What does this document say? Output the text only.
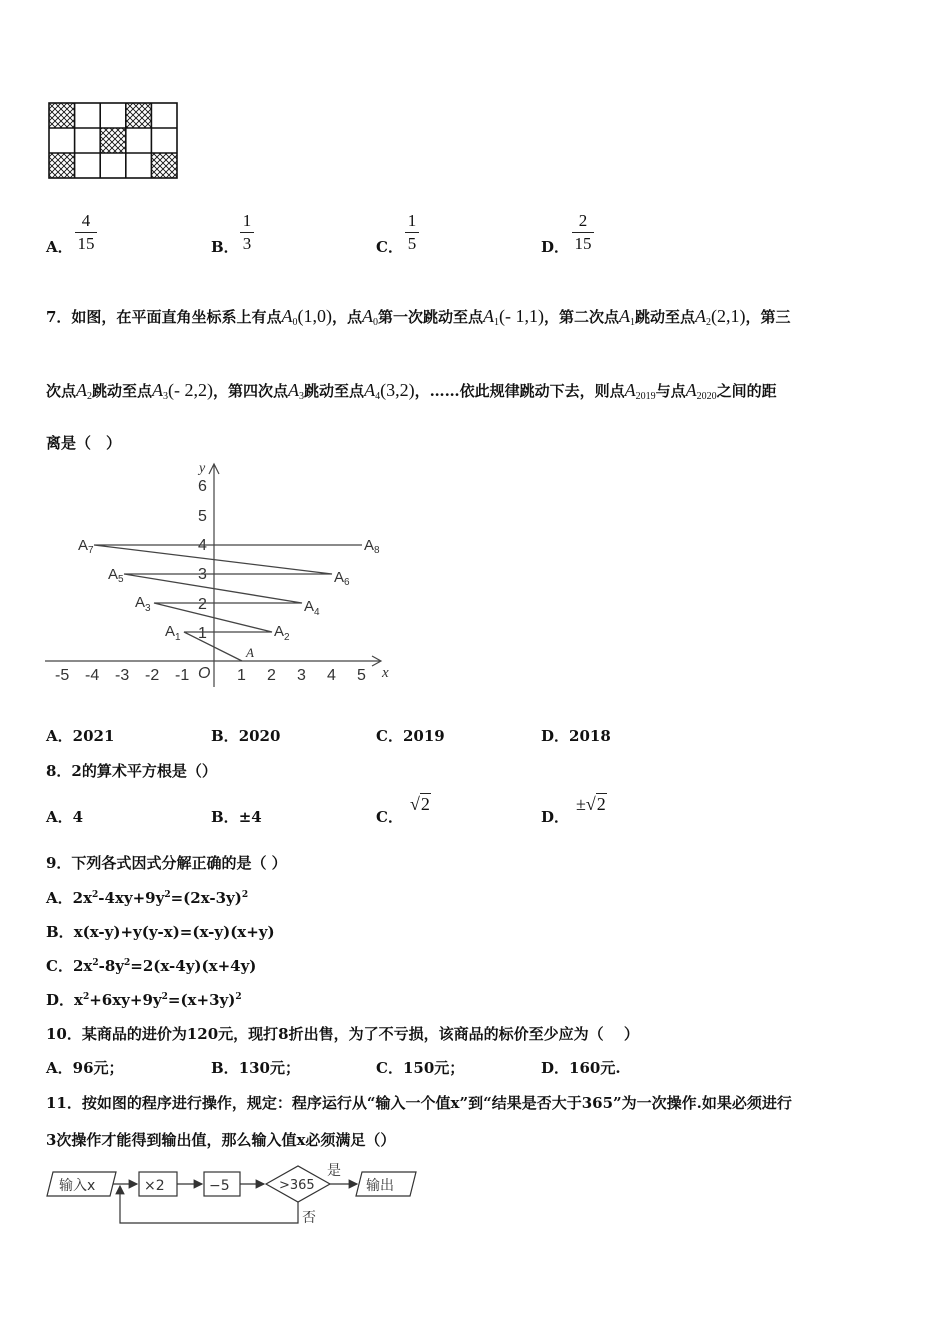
A．
4
15	B．
1
3	C．
1
5	D．
2
15
7．如图，在平面直角坐标系上有点$A_0(1,0)$，点$A_0$第一次跳动至点$A_1(-$ 1,1)，第二次点$A_1$跳动至点$A_2(2,1)$，第三
次点$A_2$跳动至点$A_3(-$ 2,2)，第四次点$A_3$跳动至点$A_4(3,2)$，……依此规律跳动下去，则点$A_{2019}$与点$A_{2020}$之间的距
离是（　）
x
y
O
A
-5 -4 -3 -2 -1	1 2 3 4 5
1
2
3
4
5
6
$A_1$	$A_2$
$A_3$	$A_4$
$A_5$	$A_6$
$A_7$	$A_8$
A．2021	B．2020	C．2019	D．2018
8．2的算术平方根是（）
A．4	B．±4	C．
√2
D．
±√2
9．下列各式因式分解正确的是（ ）
A．$2x^2-4xy+9y^2=(2x-3y)^2$
B．x(x-y)+y(y-x)=(x-y)(x+y)
C．$2x^2-8y^2=2(x-4y)(x+4y)$
D．$x^2+6xy+9y^2=(x+3y)^2$
10．某商品的进价为120元，现打8折出售，为了不亏损，该商品的标价至少应为（　 ）
A．96元；	B．130元；	C．150元；	D．160元.
11．按如图的程序进行操作，规定：程序运行从“输入一个值x”到“结果是否大于365”为一次操作.如果必须进行
3次操作才能得到输出值，那么输入值x必须满足（）
输入x	×2	−5	>365	输出
是
否
